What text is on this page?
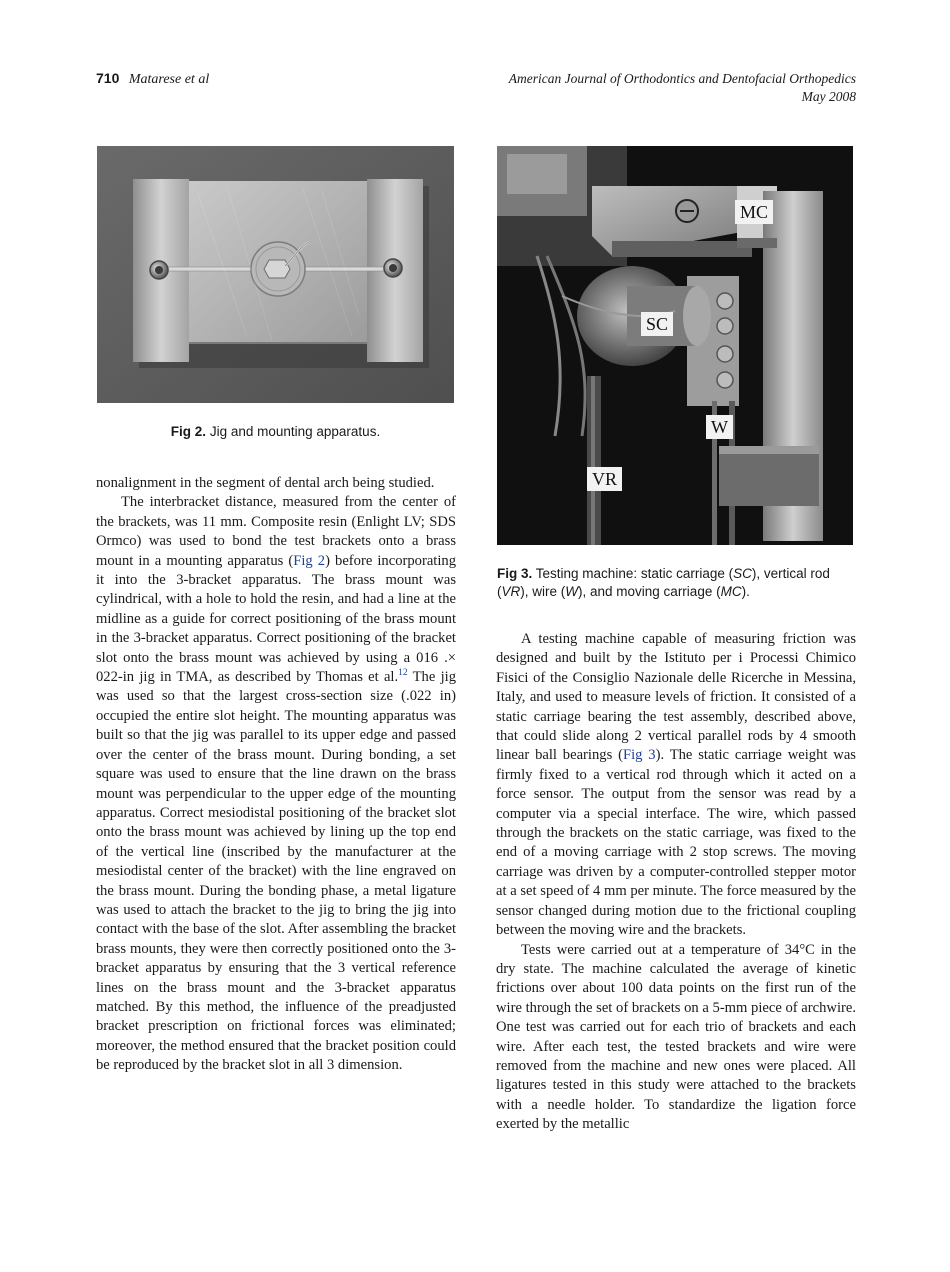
710 Matarese et al	American Journal of Orthodontics and Dentofacial Orthopedics
May 2008
Fig 2. Jig and mounting apparatus.
MC
SC
W
VR
Fig 3. Testing machine: static carriage (SC), vertical rod (VR), wire (W), and moving carriage (MC).

nonalignment in the segment of dental arch being studied.

The interbracket distance, measured from the center of the brackets, was 11 mm. Composite resin (Enlight LV; SDS Ormco) was used to bond the test brackets onto a brass mount in a mounting apparatus (Fig 2) before incorporating it into the 3-bracket apparatus. The brass mount was cylindrical, with a hole to hold the resin, and had a line at the midline as a guide for correct positioning of the brass mount in the 3-bracket apparatus. Correct positioning of the bracket slot onto the brass mount was achieved by using a 016 .× 022-in jig in TMA, as described by Thomas et al.$^{12}$ The jig was used so that the largest cross-section size (.022 in) occupied the entire slot height. The mounting apparatus was built so that the jig was parallel to its upper edge and passed over the center of the brass mount. During bonding, a set square was used to ensure that the line drawn on the brass mount was perpendicular to the upper edge of the mounting apparatus. Correct mesiodistal positioning of the bracket slot onto the brass mount was achieved by lining up the top end of the vertical line (inscribed by the manufacturer at the mesiodistal center of the bracket) with the line engraved on the brass mount. During the bonding phase, a metal ligature was used to attach the bracket to the jig to bring the jig into contact with the base of the slot. After assembling the bracket brass mounts, they were then correctly positioned onto the 3-bracket apparatus by ensuring that the 3 vertical reference lines on the brass mount and the 3-bracket apparatus matched. By this method, the influence of the preadjusted bracket prescription on frictional forces was eliminated; moreover, the method ensured that the bracket position could be reproduced by the bracket slot in all 3 dimension.

A testing machine capable of measuring friction was designed and built by the Istituto per i Processi Chimico Fisici of the Consiglio Nazionale delle Ricerche in Messina, Italy, and used to measure levels of friction. It consisted of a static carriage bearing the test assembly, described above, that could slide along 2 vertical parallel rods by 4 smooth linear ball bearings (Fig 3). The static carriage weight was firmly fixed to a vertical rod through which it acted on a force sensor. The output from the sensor was read by a computer via a special interface. The wire, which passed through the brackets on the static carriage, was fixed to the end of a moving carriage with 2 stop screws. The moving carriage was driven by a computer-controlled stepper motor at a set speed of 4 mm per minute. The force measured by the sensor changed during motion due to the frictional coupling between the moving wire and the brackets.

Tests were carried out at a temperature of 34°C in the dry state. The machine calculated the average of kinetic frictions over about 100 data points on the first run of the wire through the set of brackets on a 5-mm piece of archwire. One test was carried out for each trio of brackets and each wire. After each test, the tested brackets and wire were removed from the machine and new ones were placed. All ligatures tested in this study were attached to the brackets with a needle holder. To standardize the ligation force exerted by the metallic
